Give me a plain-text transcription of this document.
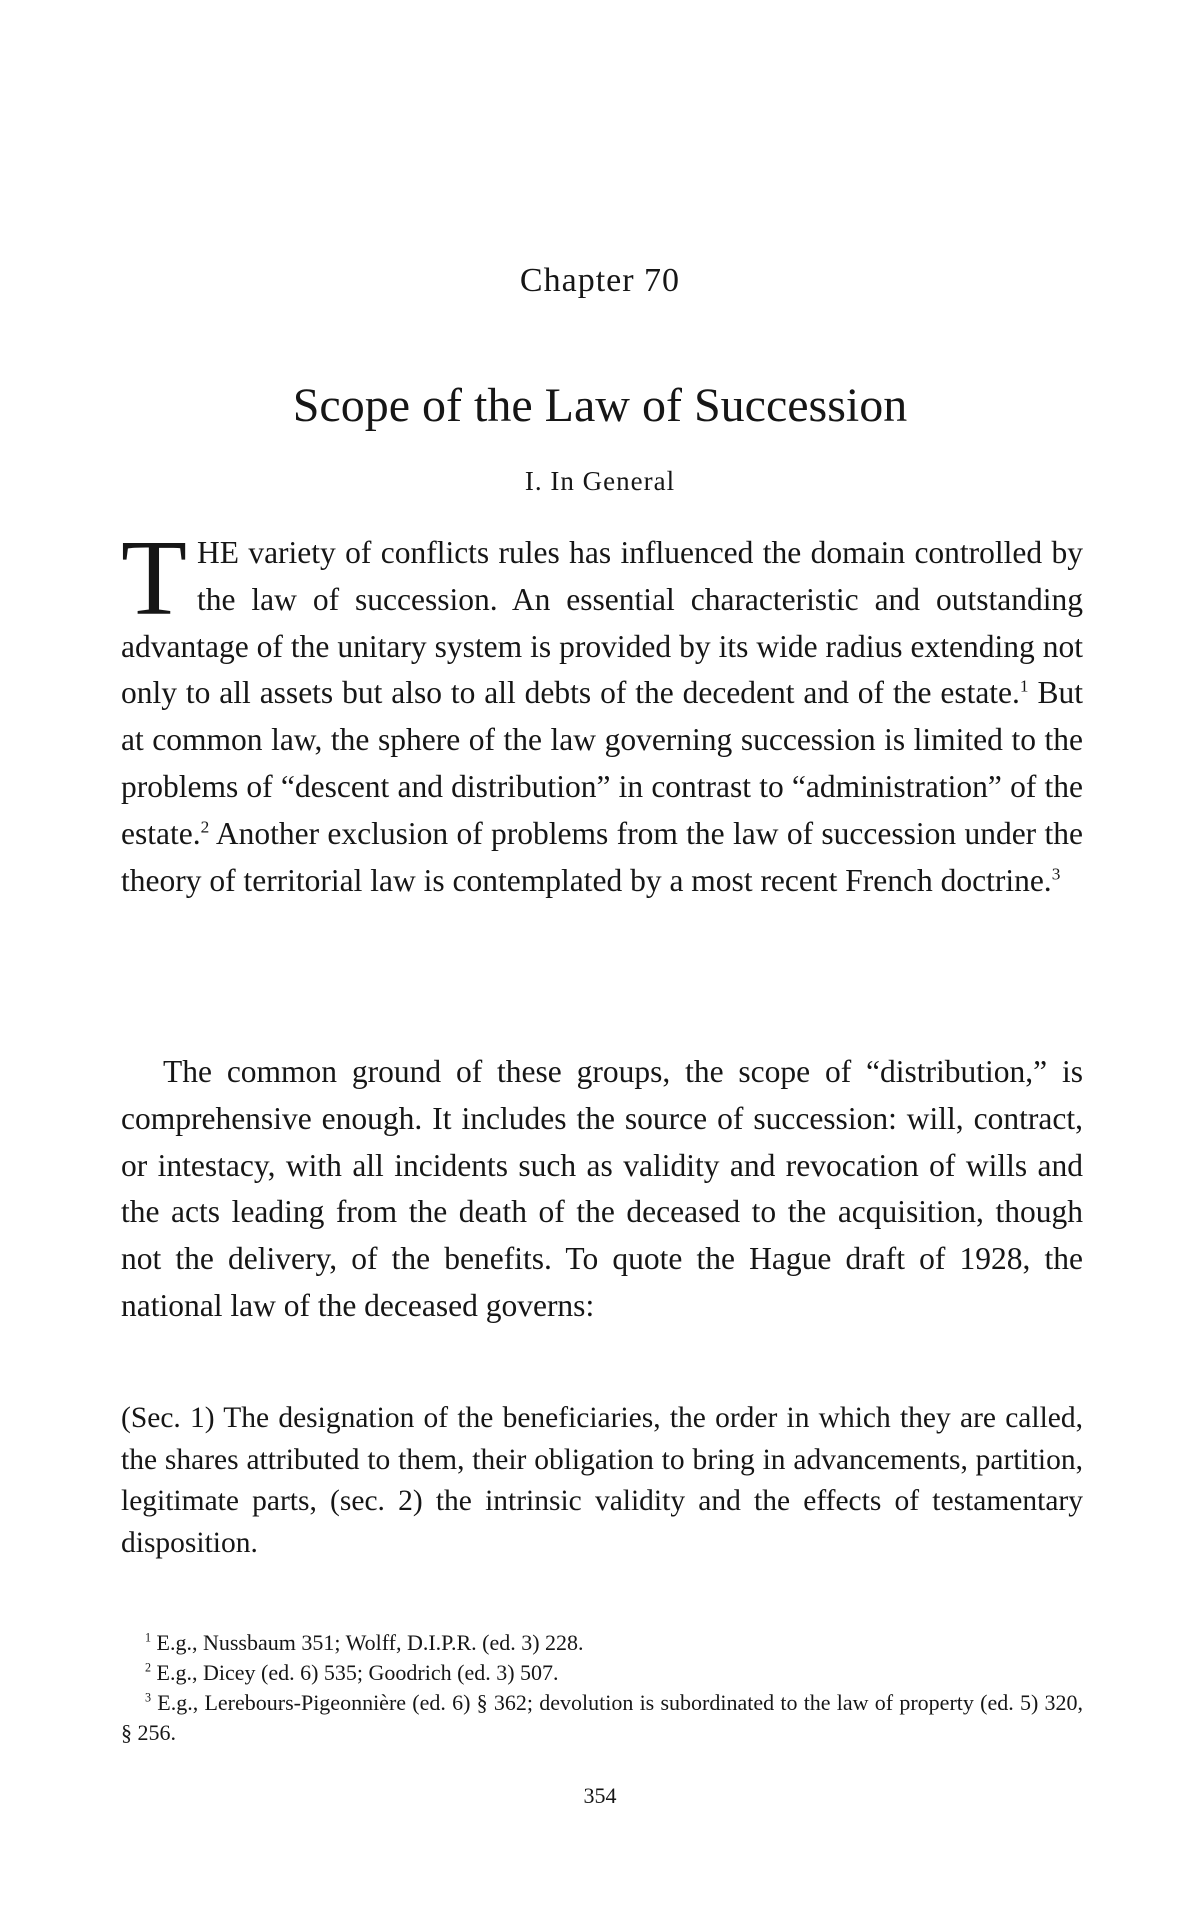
Chapter 70
Scope of the Law of Succession
I. In General
THE variety of conflicts rules has influenced the domain controlled by the law of succession. An essential characteristic and outstanding advantage of the unitary system is provided by its wide radius extending not only to all assets but also to all debts of the decedent and of the estate.$^1$ But at common law, the sphere of the law governing succession is limited to the problems of “descent and distribution” in contrast to “administration” of the estate.$^2$ Another exclusion of problems from the law of succession under the theory of territorial law is contemplated by a most recent French doctrine.$^3$
The common ground of these groups, the scope of “distribution,” is comprehensive enough. It includes the source of succession: will, contract, or intestacy, with all incidents such as validity and revocation of wills and the acts leading from the death of the deceased to the acquisition, though not the delivery, of the benefits. To quote the Hague draft of 1928, the national law of the deceased governs:
(Sec. 1) The designation of the beneficiaries, the order in which they are called, the shares attributed to them, their obligation to bring in advancements, partition, legitimate parts, (sec. 2) the intrinsic validity and the effects of testamentary disposition.
$^1$ E.g., Nussbaum 351; Wolff, D.I.P.R. (ed. 3) 228.
$^2$ E.g., Dicey (ed. 6) 535; Goodrich (ed. 3) 507.
$^3$ E.g., Lerebours-Pigeonnière (ed. 6) § 362; devolution is subordinated to the law of property (ed. 5) 320, § 256.
354
